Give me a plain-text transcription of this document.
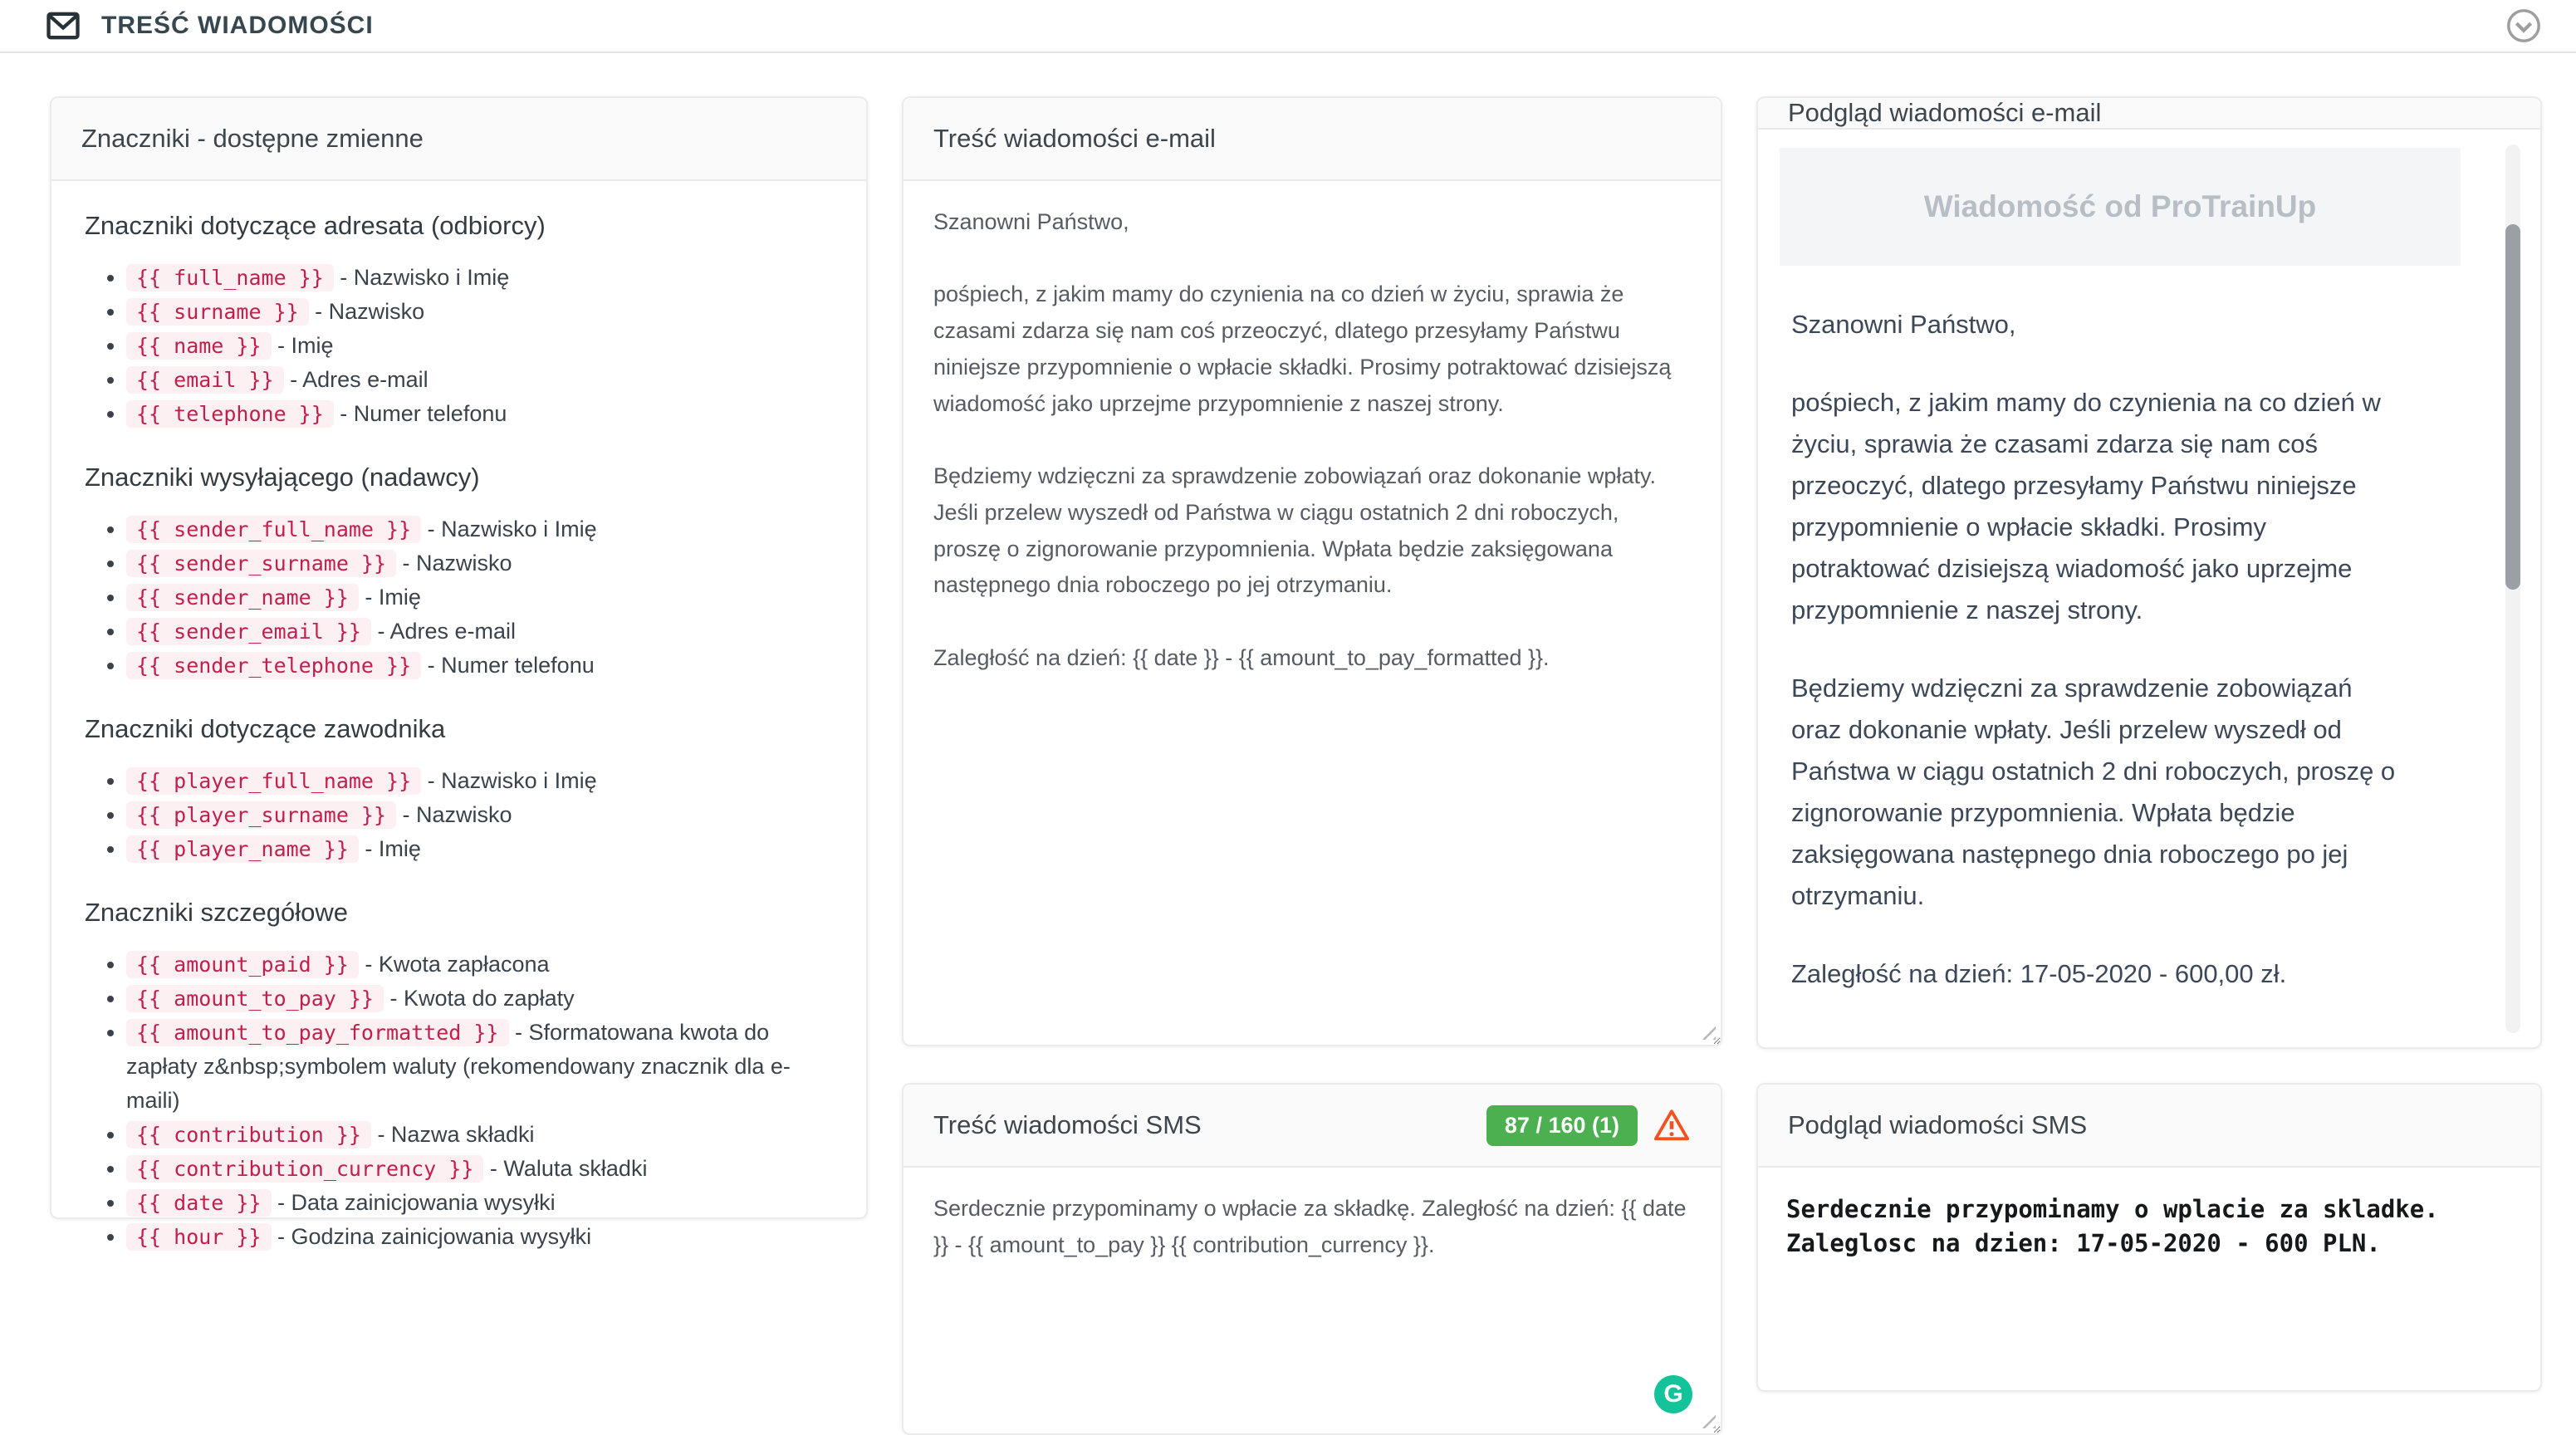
TREŚĆ WIADOMOŚCI
Znaczniki - dostępne zmienne
Znaczniki dotyczące adresata (odbiorcy)
• {{ full_name }} - Nazwisko i Imię
• {{ surname }} - Nazwisko
• {{ name }} - Imię
• {{ email }} - Adres e-mail
• {{ telephone }} - Numer telefonu
Znaczniki wysyłającego (nadawcy)
• {{ sender_full_name }} - Nazwisko i Imię
• {{ sender_surname }} - Nazwisko
• {{ sender_name }} - Imię
• {{ sender_email }} - Adres e-mail
• {{ sender_telephone }} - Numer telefonu
Znaczniki dotyczące zawodnika
• {{ player_full_name }} - Nazwisko i Imię
• {{ player_surname }} - Nazwisko
• {{ player_name }} - Imię
Znaczniki szczegółowe
• {{ amount_paid }} - Kwota zapłacona
• {{ amount_to_pay }} - Kwota do zapłaty
• {{ amount_to_pay_formatted }} - Sformatowana kwota do zapłaty z&nbsp;symbolem waluty (rekomendowany znacznik dla e-maili)
• {{ contribution }} - Nazwa składki
• {{ contribution_currency }} - Waluta składki
• {{ date }} - Data zainicjowania wysyłki
• {{ hour }} - Godzina zainicjowania wysyłki
Treść wiadomości e-mail
Szanowni Państwo, pośpiech, z jakim mamy do czynienia na co dzień w życiu, sprawia że czasami zdarza się nam coś przeoczyć, dlatego przesyłamy Państwu niniejsze przypomnienie o wpłacie składki. Prosimy potraktować dzisiejszą wiadomość jako uprzejme przypomnienie z naszej strony. Będziemy wdzięczni za sprawdzenie zobowiązań oraz dokonanie wpłaty. Jeśli przelew wyszedł od Państwa w ciągu ostatnich 2 dni roboczych, proszę o zignorowanie przypomnienia. Wpłata będzie zaksięgowana następnego dnia roboczego po jej otrzymaniu. Zaległość na dzień: {{ date }} - {{ amount_to_pay_formatted }}.
Treść wiadomości SMS	87 / 160 (1)
Serdecznie przypominamy o wpłacie za składkę. Zaległość na dzień: {{ date }} - {{ amount_to_pay }} {{ contribution_currency }}.
G
Podgląd wiadomości e-mail
Wiadomość od ProTrainUp

Szanowni Państwo,

pośpiech, z jakim mamy do czynienia na co dzień w życiu, sprawia że czasami zdarza się nam coś przeoczyć, dlatego przesyłamy Państwu niniejsze przypomnienie o wpłacie składki. Prosimy potraktować dzisiejszą wiadomość jako uprzejme przypomnienie z naszej strony.

Będziemy wdzięczni za sprawdzenie zobowiązań oraz dokonanie wpłaty. Jeśli przelew wyszedł od Państwa w ciągu ostatnich 2 dni roboczych, proszę o zignorowanie przypomnienia. Wpłata będzie zaksięgowana następnego dnia roboczego po jej otrzymaniu.

Zaległość na dzień: 17-05-2020 - 600,00 zł.

Podgląd wiadomości SMS
Serdecznie przypominamy o wplacie za skladke. Zaleglosc na dzien: 17-05-2020 - 600 PLN.
